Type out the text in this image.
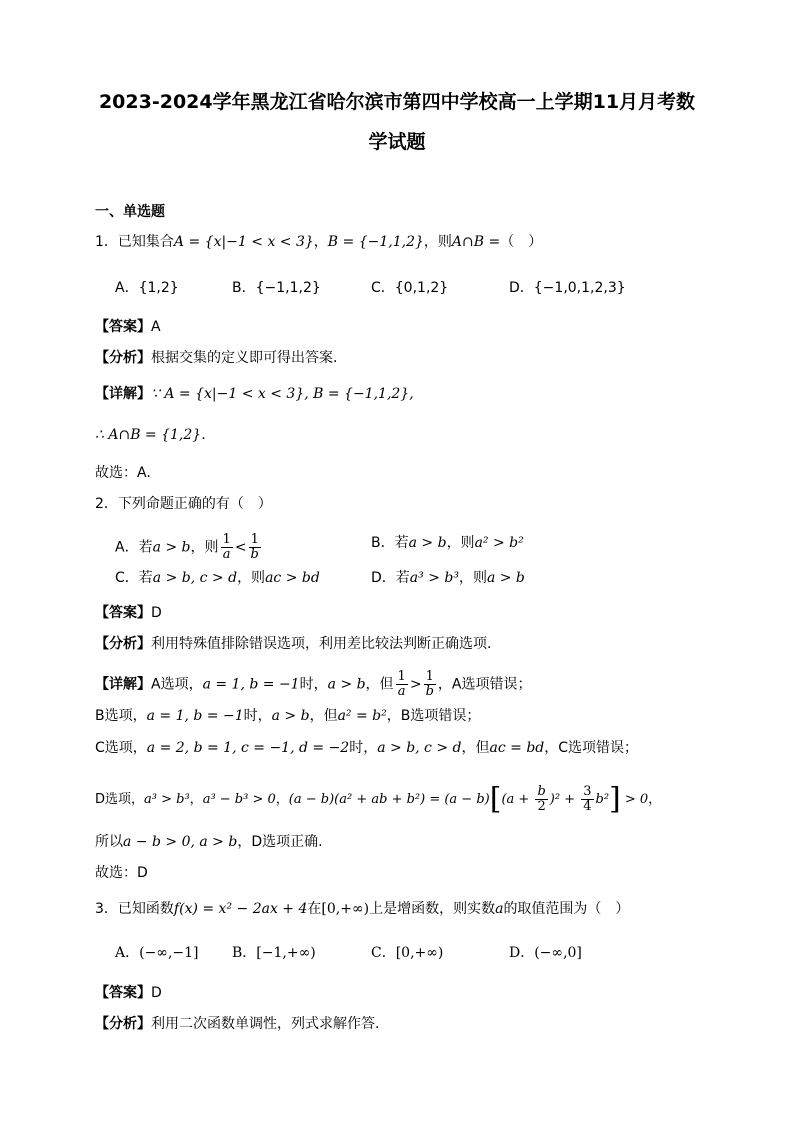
2023-2024学年黑龙江省哈尔滨市第四中学校高一上学期11月月考数
学试题
一、单选题
1．已知集合A = {x|−1 < x < 3}，B = {−1,1,2}，则A∩B =（　）
A．{1,2}	B．{−1,1,2}	C．{0,1,2}	D．{−1,0,1,2,3}
【答案】A
【分析】根据交集的定义即可得出答案.
【详解】∵ A = {x|−1 < x < 3}, B = {−1,1,2},
∴ A∩B = {1,2}.
故选：A.
2．下列命题正确的有（　）
A．若a > b，则 $\frac{1}{a} < \frac{1}{b}$	B．若a > b，则a² > b²
C．若a > b, c > d，则ac > bd	D．若a³ > b³，则a > b
【答案】D
【分析】利用特殊值排除错误选项，利用差比较法判断正确选项.
【详解】A选项，a = 1, b = −1时，a > b，但 $\frac{1}{a} > \frac{1}{b}$ ，A选项错误；
B选项，a = 1, b = −1时，a > b，但a² = b²，B选项错误；
C选项，a = 2, b = 1, c = −1, d = −2时，a > b, c > d，但ac = bd，C选项错误；
D选项，a³ > b³，a³ − b³ > 0，(a − b)(a² + ab + $b^2) = (a - b)[(a + \frac{b}{2} )^2 + \frac{3}{4} b^2] > 0$，
所以a − b > 0, a > b，D选项正确.
故选：D
3．已知函数f(x) = x² − 2ax + 4在[0,+∞)上是增函数，则实数a的取值范围为（　）
A．(−∞,−1] B．[−1,+∞)	C．[0,+∞)	D．(−∞,0]
【答案】D
【分析】利用二次函数单调性，列式求解作答.
